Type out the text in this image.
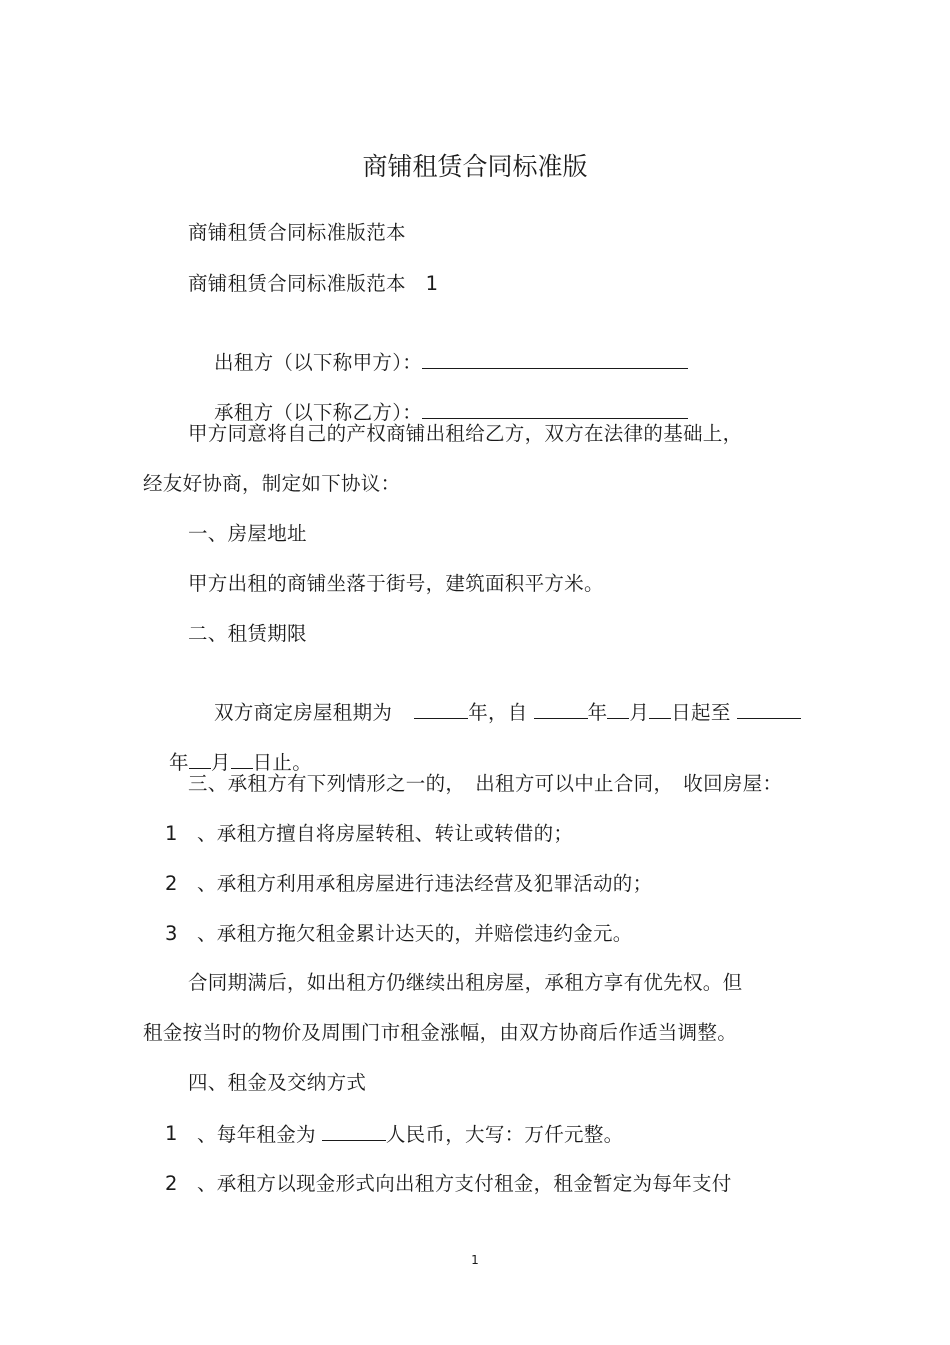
商铺租赁合同标准版
商铺租赁合同标准版范本
商铺租赁合同标准版范本　1

出租方（以下称甲方）：

承租方（以下称乙方）：

甲方同意将自己的产权商铺出租给乙方，双方在法律的基础上，
经友好协商，制定如下协议：
一、房屋地址
甲方出租的商铺坐落于街号，建筑面积平方米。
二、租赁期限

双方商定房屋租期为	年，自	年 月 日起至

年 月 日止。

三、承租方有下列情形之一的，　出租方可以中止合同，　收回房屋：
1 、承租方擅自将房屋转租、转让或转借的；
2 、承租方利用承租房屋进行违法经营及犯罪活动的；
3 、承租方拖欠租金累计达天的，并赔偿违约金元。
合同期满后，如出租方仍继续出租房屋，承租方享有优先权。但
租金按当时的物价及周围门市租金涨幅，由双方协商后作适当调整。
四、租金及交纳方式
1 、每年租金为	人民币，大写：万仟元整。
2 、承租方以现金形式向出租方支付租金，租金暂定为每年支付
1
